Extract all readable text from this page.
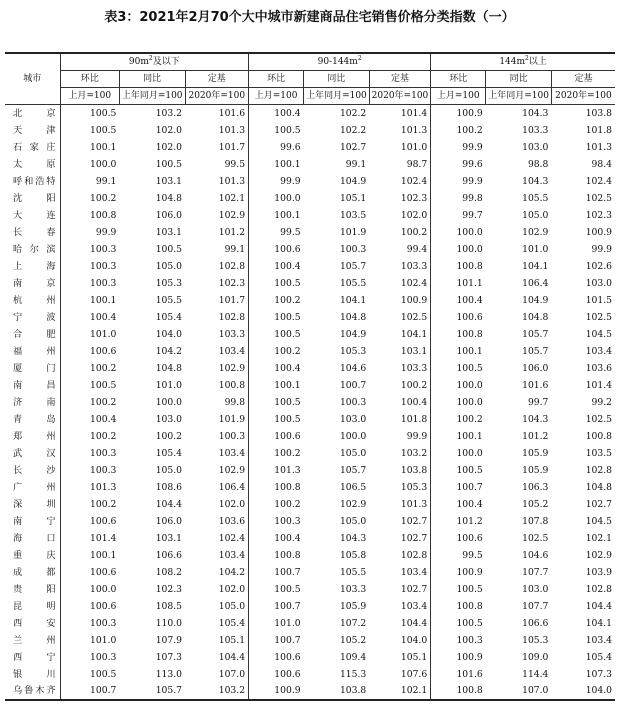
表3：2021年2月70个大中城市新建商品住宅销售价格分类指数（一）
城市	$90m^2$及以下			$90-144m^2$			$144m^2$以上		
	环比	同比	定基	环比	同比	定基	环比	同比	定基
	上月=100	上年同月=100	2020年=100	上月=100	上年同月=100	2020年=100	上月=100	上年同月=100	2020年=100
北　　京	100.5	103.2	101.6	100.4	102.2	101.4	100.9	104.3	103.8
天　　津	100.5	102.0	101.3	100.5	102.2	101.3	100.2	103.3	101.8
石 家 庄	100.1	102.0	101.7	99.6	102.7	101.0	99.9	103.0	101.3
太　　原	100.0	100.5	99.5	100.1	99.1	98.7	99.6	98.8	98.4
呼和浩特	99.1	103.1	101.3	99.9	104.9	102.4	99.9	104.3	102.4
沈　　阳	100.2	104.8	102.1	100.0	105.1	102.3	99.8	105.5	102.5
大　　连	100.8	106.0	102.9	100.1	103.5	102.0	99.7	105.0	102.3
长　　春	99.9	103.1	101.2	99.5	101.9	100.2	100.0	102.9	100.9
哈 尔 滨	100.3	100.5	99.1	100.6	100.3	99.4	100.0	101.0	99.9
上　　海	100.3	105.0	102.8	100.4	105.7	103.3	100.8	104.1	102.6
南　　京	100.3	105.3	102.3	100.5	105.5	102.4	101.1	106.4	103.0
杭　　州	100.1	105.5	101.7	100.2	104.1	100.9	100.4	104.9	101.5
宁　　波	100.4	105.4	102.8	100.5	104.8	102.5	100.6	104.8	102.5
合　　肥	101.0	104.0	103.3	100.5	104.9	104.1	100.8	105.7	104.5
福　　州	100.6	104.2	103.4	100.2	105.3	103.1	100.1	105.7	103.4
厦　　门	100.2	104.8	102.9	100.4	104.6	103.3	100.5	106.0	103.6
南　　昌	100.5	101.0	100.8	100.1	100.7	100.2	100.0	101.6	101.4
济　　南	100.2	100.0	99.8	100.5	100.3	100.4	100.0	99.7	99.2
青　　岛	100.4	103.0	101.9	100.5	103.0	101.8	100.2	104.3	102.5
郑　　州	100.2	100.2	100.3	100.6	100.0	99.9	100.1	101.2	100.8
武　　汉	100.3	105.4	103.4	100.2	105.0	103.2	100.0	105.9	103.5
长　　沙	100.3	105.0	102.9	101.3	105.7	103.8	100.5	105.9	102.8
广　　州	101.3	108.6	106.4	100.8	106.5	105.3	100.7	106.3	104.8
深　　圳	100.2	104.4	102.0	100.2	102.9	101.3	100.4	105.2	102.7
南　　宁	100.6	106.0	103.6	100.3	105.0	102.7	101.2	107.8	104.5
海　　口	101.4	103.1	102.4	100.4	104.3	102.7	100.6	102.5	102.1
重　　庆	100.1	106.6	103.4	100.8	105.8	102.8	99.5	104.6	102.9
成　　都	100.6	108.2	104.2	100.7	105.5	103.4	100.9	107.7	103.9
贵　　阳	100.0	102.3	102.0	100.5	103.3	102.7	100.5	103.0	102.8
昆　　明	100.6	108.5	105.0	100.7	105.9	103.4	100.8	107.7	104.4
西　　安	100.3	110.0	105.4	101.0	107.2	104.4	100.5	106.6	104.1
兰　　州	101.0	107.9	105.1	100.7	105.2	104.0	100.3	105.3	103.4
西　　宁	100.3	107.3	104.4	100.6	109.4	105.1	100.9	109.0	105.4
银　　川	100.5	113.0	107.0	100.6	115.3	107.6	101.6	114.4	107.3
乌鲁木齐	100.7	105.7	103.2	100.9	103.8	102.1	100.8	107.0	104.0
